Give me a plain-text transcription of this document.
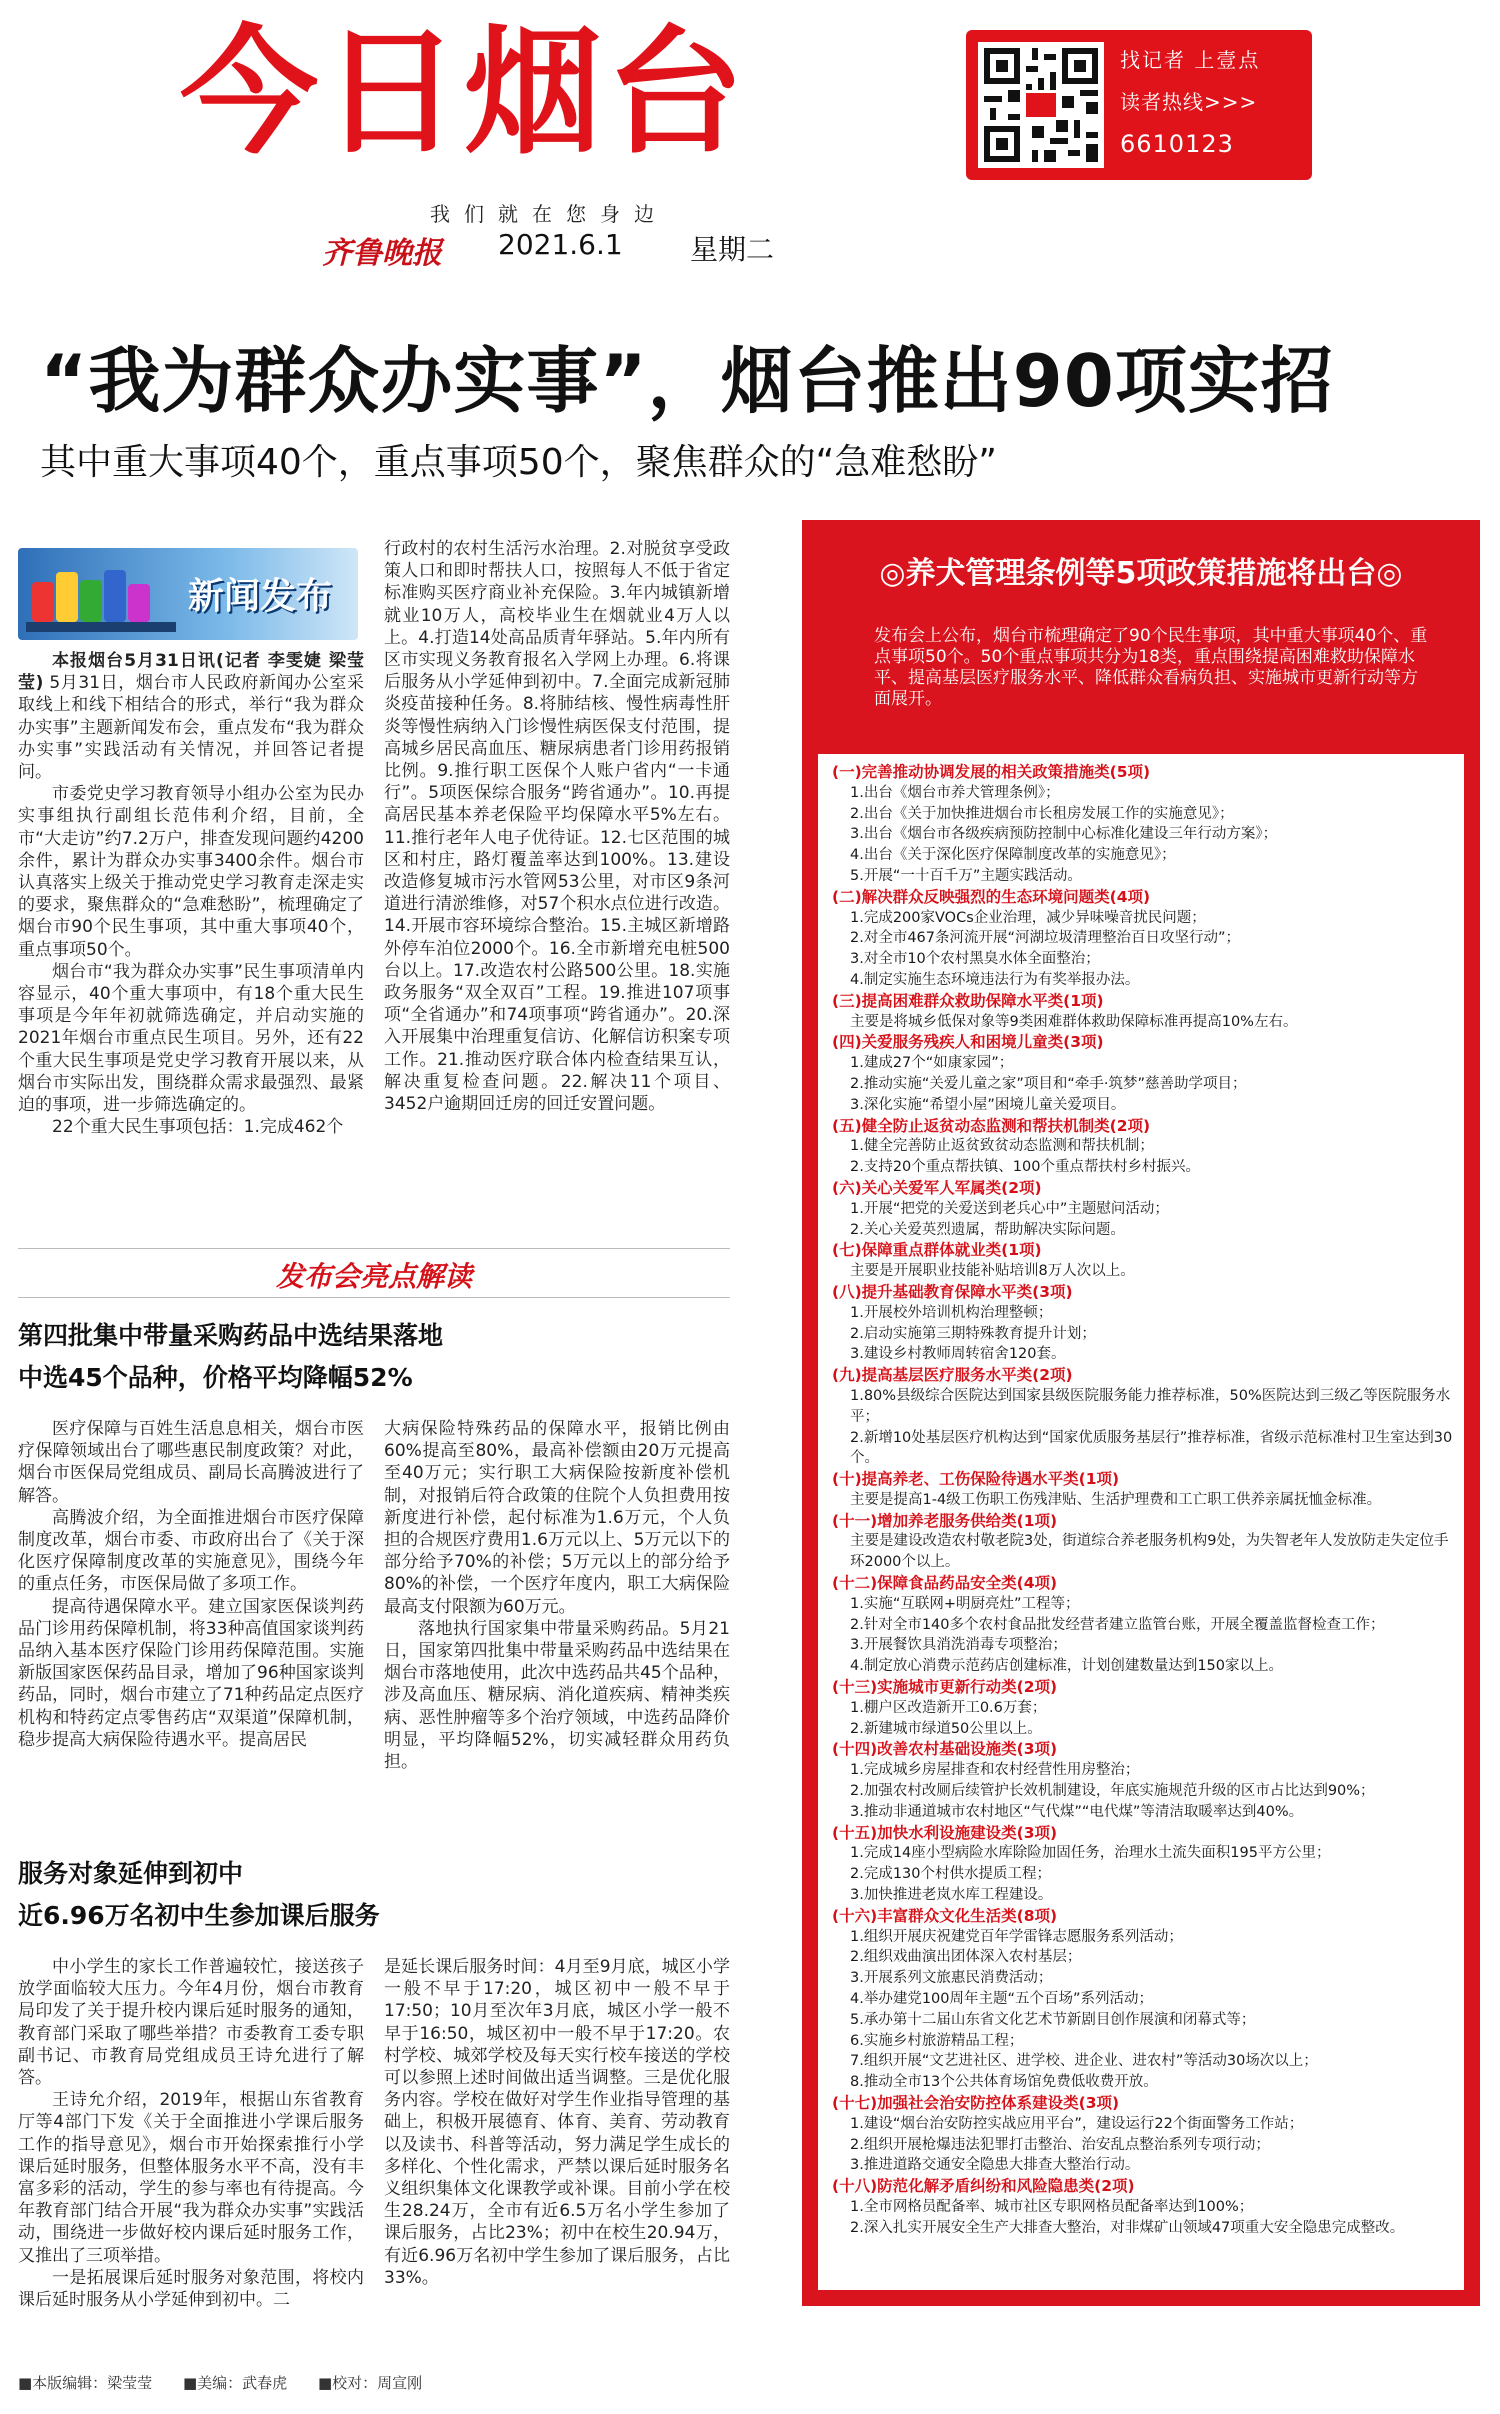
今日烟台
我们就在您身边
齐鲁晚报 2021.6.1 星期二
找记者 上壹点
读者热线>>>
6610123
“我为群众办实事”，烟台推出90项实招
其中重大事项40个，重点事项50个，聚焦群众的“急难愁盼”
新闻发布

本报烟台5月31日讯(记者 李雯婕 梁莹莹) 5月31日，烟台市人民政府新闻办公室采取线上和线下相结合的形式，举行“我为群众办实事”主题新闻发布会，重点发布“我为群众办实事”实践活动有关情况，并回答记者提问。

市委党史学习教育领导小组办公室为民办实事组执行副组长范伟利介绍，目前，全市“大走访”约7.2万户，排查发现问题约4200余件，累计为群众办实事3400余件。烟台市认真落实上级关于推动党史学习教育走深走实的要求，聚焦群众的“急难愁盼”，梳理确定了烟台市90个民生事项，其中重大事项40个，重点事项50个。

烟台市“我为群众办实事”民生事项清单内容显示，40个重大事项中，有18个重大民生事项是今年年初就筛选确定，并启动实施的2021年烟台市重点民生项目。另外，还有22个重大民生事项是党史学习教育开展以来，从烟台市实际出发，围绕群众需求最强烈、最紧迫的事项，进一步筛选确定的。

22个重大民生事项包括：1.完成462个

行政村的农村生活污水治理。2.对脱贫享受政策人口和即时帮扶人口，按照每人不低于省定标准购买医疗商业补充保险。3.年内城镇新增就业10万人，高校毕业生在烟就业4万人以上。4.打造14处高品质青年驿站。5.年内所有区市实现义务教育报名入学网上办理。6.将课后服务从小学延伸到初中。7.全面完成新冠肺炎疫苗接种任务。8.将肺结核、慢性病毒性肝炎等慢性病纳入门诊慢性病医保支付范围，提高城乡居民高血压、糖尿病患者门诊用药报销比例。9.推行职工医保个人账户省内“一卡通行”。5项医保综合服务“跨省通办”。10.再提高居民基本养老保险平均保障水平5%左右。11.推行老年人电子优待证。12.七区范围的城区和村庄，路灯覆盖率达到100%。13.建设改造修复城市污水管网53公里，对市区9条河道进行清淤维修，对57个积水点位进行改造。14.开展市容环境综合整治。15.主城区新增路外停车泊位2000个。16.全市新增充电桩500台以上。17.改造农村公路500公里。18.实施政务服务“双全双百”工程。19.推进107项事项“全省通办”和74项事项“跨省通办”。20.深入开展集中治理重复信访、化解信访积案专项工作。21.推动医疗联合体内检查结果互认，解决重复检查问题。22.解决11个项目、3452户逾期回迁房的回迁安置问题。
发布会亮点解读
第四批集中带量采购药品中选结果落地
中选45个品种，价格平均降幅52%

医疗保障与百姓生活息息相关，烟台市医疗保障领域出台了哪些惠民制度政策？对此，烟台市医保局党组成员、副局长高腾波进行了解答。

高腾波介绍，为全面推进烟台市医疗保障制度改革，烟台市委、市政府出台了《关于深化医疗保障制度改革的实施意见》，围绕今年的重点任务，市医保局做了多项工作。

提高待遇保障水平。建立国家医保谈判药品门诊用药保障机制，将33种高值国家谈判药品纳入基本医疗保险门诊用药保障范围。实施新版国家医保药品目录，增加了96种国家谈判药品，同时，烟台市建立了71种药品定点医疗机构和特药定点零售药店“双渠道”保障机制，稳步提高大病保险待遇水平。提高居民

大病保险特殊药品的保障水平，报销比例由60%提高至80%，最高补偿额由20万元提高至40万元；实行职工大病保险按新度补偿机制，对报销后符合政策的住院个人负担费用按新度进行补偿，起付标准为1.6万元，个人负担的合规医疗费用1.6万元以上、5万元以下的部分给予70%的补偿；5万元以上的部分给予80%的补偿，一个医疗年度内，职工大病保险最高支付限额为60万元。

落地执行国家集中带量采购药品。5月21日，国家第四批集中带量采购药品中选结果在烟台市落地使用，此次中选药品共45个品种，涉及高血压、糖尿病、消化道疾病、精神类疾病、恶性肿瘤等多个治疗领域，中选药品降价明显，平均降幅52%，切实减轻群众用药负担。

服务对象延伸到初中
近6.96万名初中生参加课后服务

中小学生的家长工作普遍较忙，接送孩子放学面临较大压力。今年4月份，烟台市教育局印发了关于提升校内课后延时服务的通知，教育部门采取了哪些举措？市委教育工委专职副书记、市教育局党组成员王诗允进行了解答。

王诗允介绍，2019年，根据山东省教育厅等4部门下发《关于全面推进小学课后服务工作的指导意见》，烟台市开始探索推行小学课后延时服务，但整体服务水平不高，没有丰富多彩的活动，学生的参与率也有待提高。今年教育部门结合开展“我为群众办实事”实践活动，围绕进一步做好校内课后延时服务工作，又推出了三项举措。

一是拓展课后延时服务对象范围，将校内课后延时服务从小学延伸到初中。二

是延长课后服务时间：4月至9月底，城区小学一般不早于17:20，城区初中一般不早于17:50；10月至次年3月底，城区小学一般不早于16:50，城区初中一般不早于17:20。农村学校、城郊学校及每天实行校车接送的学校可以参照上述时间做出适当调整。三是优化服务内容。学校在做好对学生作业指导管理的基础上，积极开展德育、体育、美育、劳动教育以及读书、科普等活动，努力满足学生成长的多样化、个性化需求，严禁以课后延时服务名义组织集体文化课教学或补课。目前小学在校生28.24万，全市有近6.5万名小学生参加了课后服务，占比23%；初中在校生20.94万，有近6.96万名初中学生参加了课后服务，占比33%。
◎养犬管理条例等5项政策措施将出台◎
发布会上公布，烟台市梳理确定了90个民生事项，其中重大事项40个、重点事项50个。50个重点事项共分为18类，重点围绕提高困难救助保障水平、提高基层医疗服务水平、降低群众看病负担、实施城市更新行动等方面展开。
(一)完善推动协调发展的相关政策措施类(5项)
1.出台《烟台市养犬管理条例》；
2.出台《关于加快推进烟台市长租房发展工作的实施意见》；
3.出台《烟台市各级疾病预防控制中心标准化建设三年行动方案》；
4.出台《关于深化医疗保障制度改革的实施意见》；
5.开展“一十百千万”主题实践活动。
(二)解决群众反映强烈的生态环境问题类(4项)
1.完成200家VOCs企业治理，减少异味噪音扰民问题；
2.对全市467条河流开展“河湖垃圾清理整治百日攻坚行动”；
3.对全市10个农村黑臭水体全面整治；
4.制定实施生态环境违法行为有奖举报办法。
(三)提高困难群众救助保障水平类(1项)
主要是将城乡低保对象等9类困难群体救助保障标准再提高10%左右。
(四)关爱服务残疾人和困境儿童类(3项)
1.建成27个“如康家园”；
2.推动实施“关爱儿童之家”项目和“牵手·筑梦”慈善助学项目；
3.深化实施“希望小屋”困境儿童关爱项目。
(五)健全防止返贫动态监测和帮扶机制类(2项)
1.健全完善防止返贫致贫动态监测和帮扶机制；
2.支持20个重点帮扶镇、100个重点帮扶村乡村振兴。
(六)关心关爱军人军属类(2项)
1.开展“把党的关爱送到老兵心中”主题慰问活动；
2.关心关爱英烈遗属，帮助解决实际问题。
(七)保障重点群体就业类(1项)
主要是开展职业技能补贴培训8万人次以上。
(八)提升基础教育保障水平类(3项)
1.开展校外培训机构治理整顿；
2.启动实施第三期特殊教育提升计划；
3.建设乡村教师周转宿舍120套。
(九)提高基层医疗服务水平类(2项)
1.80%县级综合医院达到国家县级医院服务能力推荐标准，50%医院达到三级乙等医院服务水平；
2.新增10处基层医疗机构达到“国家优质服务基层行”推荐标准，省级示范标准村卫生室达到30个。
(十)提高养老、工伤保险待遇水平类(1项)
主要是提高1-4级工伤职工伤残津贴、生活护理费和工亡职工供养亲属抚恤金标准。
(十一)增加养老服务供给类(1项)
主要是建设改造农村敬老院3处，街道综合养老服务机构9处，为失智老年人发放防走失定位手环2000个以上。
(十二)保障食品药品安全类(4项)
1.实施“互联网+明厨亮灶”工程等；
2.针对全市140多个农村食品批发经营者建立监管台账，开展全覆盖监督检查工作；
3.开展餐饮具消洗消毒专项整治；
4.制定放心消费示范药店创建标准，计划创建数量达到150家以上。
(十三)实施城市更新行动类(2项)
1.棚户区改造新开工0.6万套；
2.新建城市绿道50公里以上。
(十四)改善农村基础设施类(3项)
1.完成城乡房屋排查和农村经营性用房整治；
2.加强农村改厕后续管护长效机制建设，年底实施规范升级的区市占比达到90%；
3.推动非通道城市农村地区“气代煤”“电代煤”等清洁取暖率达到40%。
(十五)加快水利设施建设类(3项)
1.完成14座小型病险水库除险加固任务，治理水土流失面积195平方公里；
2.完成130个村供水提质工程；
3.加快推进老岚水库工程建设。
(十六)丰富群众文化生活类(8项)
1.组织开展庆祝建党百年学雷锋志愿服务系列活动；
2.组织戏曲演出团体深入农村基层；
3.开展系列文旅惠民消费活动；
4.举办建党100周年主题“五个百场”系列活动；
5.承办第十二届山东省文化艺术节新剧目创作展演和闭幕式等；
6.实施乡村旅游精品工程；
7.组织开展“文艺进社区、进学校、进企业、进农村”等活动30场次以上；
8.推动全市13个公共体育场馆免费低收费开放。
(十七)加强社会治安防控体系建设类(3项)
1.建设“烟台治安防控实战应用平台”，建设运行22个街面警务工作站；
2.组织开展枪爆违法犯罪打击整治、治安乱点整治系列专项行动；
3.推进道路交通安全隐患大排查大整治行动。
(十八)防范化解矛盾纠纷和风险隐患类(2项)
1.全市网格员配备率、城市社区专职网格员配备率达到100%；
2.深入扎实开展安全生产大排查大整治，对非煤矿山领域47项重大安全隐患完成整改。
■本版编辑：梁莹莹 ■美编：武春虎 ■校对：周宣刚
